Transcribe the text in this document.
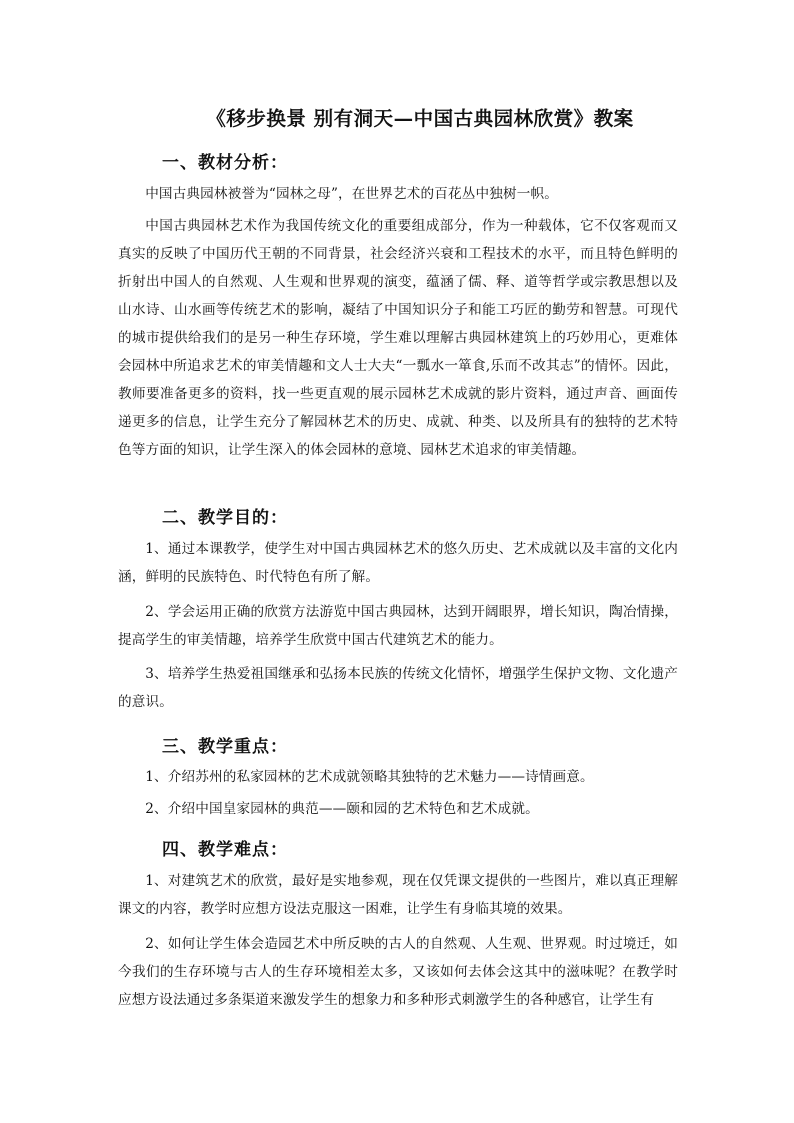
《移步换景 别有洞天—中国古典园林欣赏》教案
一、教材分析：

中国古典园林被誉为“园林之母”，在世界艺术的百花丛中独树一帜。

中国古典园林艺术作为我国传统文化的重要组成部分，作为一种载体，它不仅客观而又真实的反映了中国历代王朝的不同背景，社会经济兴衰和工程技术的水平，而且特色鲜明的折射出中国人的自然观、人生观和世界观的演变，蕴涵了儒、释、道等哲学或宗教思想以及山水诗、山水画等传统艺术的影响，凝结了中国知识分子和能工巧匠的勤劳和智慧。可现代的城市提供给我们的是另一种生存环境，学生难以理解古典园林建筑上的巧妙用心，更难体会园林中所追求艺术的审美情趣和文人士大夫“一瓢水一箪食,乐而不改其志”的情怀。因此，教师要准备更多的资料，找一些更直观的展示园林艺术成就的影片资料，通过声音、画面传递更多的信息，让学生充分了解园林艺术的历史、成就、种类、以及所具有的独特的艺术特色等方面的知识，让学生深入的体会园林的意境、园林艺术追求的审美情趣。

二、教学目的：

1、通过本课教学，使学生对中国古典园林艺术的悠久历史、艺术成就以及丰富的文化内涵，鲜明的民族特色、时代特色有所了解。

2、学会运用正确的欣赏方法游览中国古典园林，达到开阔眼界，增长知识，陶冶情操，提高学生的审美情趣，培养学生欣赏中国古代建筑艺术的能力。

3、培养学生热爱祖国继承和弘扬本民族的传统文化情怀，增强学生保护文物、文化遗产的意识。

三、教学重点：

1、介绍苏州的私家园林的艺术成就领略其独特的艺术魅力——诗情画意。

2、介绍中国皇家园林的典范——颐和园的艺术特色和艺术成就。

四、教学难点：

1、对建筑艺术的欣赏，最好是实地参观，现在仅凭课文提供的一些图片，难以真正理解课文的内容，教学时应想方设法克服这一困难，让学生有身临其境的效果。

2、如何让学生体会造园艺术中所反映的古人的自然观、人生观、世界观。时过境迁，如今我们的生存环境与古人的生存环境相差太多，又该如何去体会这其中的滋味呢？在教学时应想方设法通过多条渠道来激发学生的想象力和多种形式刺激学生的各种感官，让学生有
